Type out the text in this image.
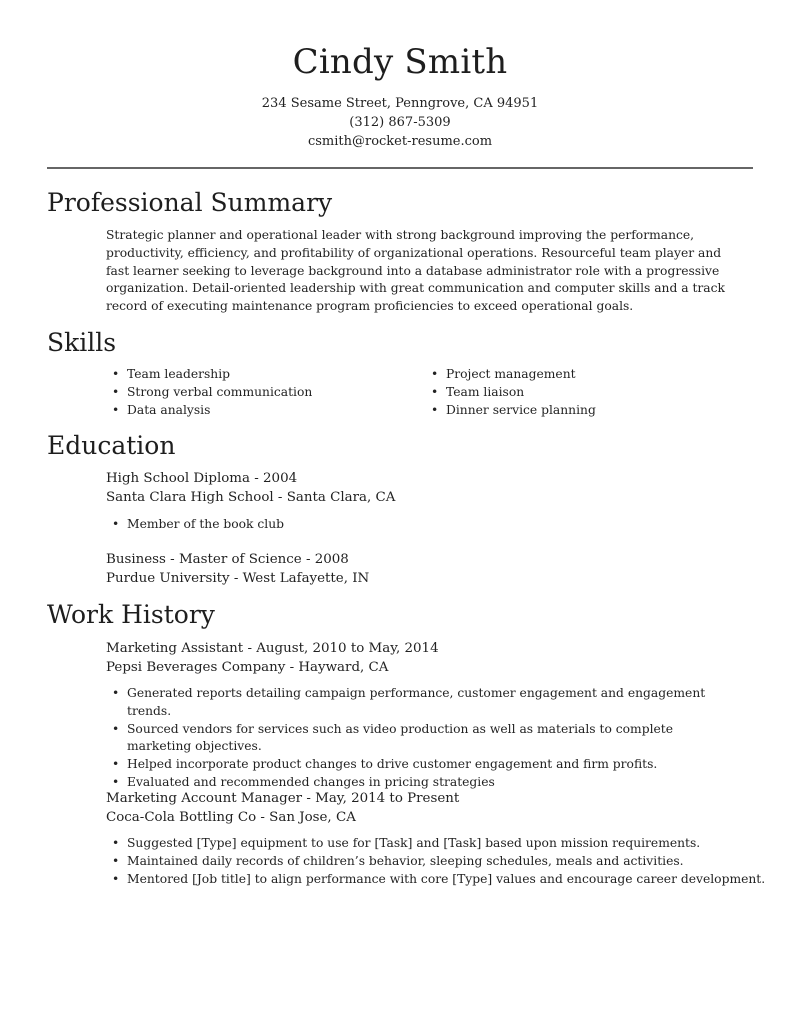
Cindy Smith
234 Sesame Street, Penngrove, CA 94951
(312) 867-5309
csmith@rocket-resume.com
Professional Summary
Strategic planner and operational leader with strong background improving the performance, productivity, efficiency, and profitability of organizational operations. Resourceful team player and fast learner seeking to leverage background into a database administrator role with a progressive organization. Detail-oriented leadership with great communication and computer skills and a track record of executing maintenance program proficiencies to exceed operational goals.
Skills
• Team leadership
• Strong verbal communication
• Data analysis
• Project management
• Team liaison
• Dinner service planning
Education
High School Diploma - 2004
Santa Clara High School - Santa Clara, CA
• Member of the book club
Business - Master of Science - 2008
Purdue University - West Lafayette, IN
Work History
Marketing Assistant - August, 2010 to May, 2014
Pepsi Beverages Company - Hayward, CA
• Generated reports detailing campaign performance, customer engagement and engagement trends.
• Sourced vendors for services such as video production as well as materials to complete marketing objectives.
• Helped incorporate product changes to drive customer engagement and firm profits.
• Evaluated and recommended changes in pricing strategies
Marketing Account Manager - May, 2014 to Present
Coca-Cola Bottling Co - San Jose, CA
• Suggested [Type] equipment to use for [Task] and [Task] based upon mission requirements.
• Maintained daily records of children’s behavior, sleeping schedules, meals and activities.
• Mentored [Job title] to align performance with core [Type] values and encourage career development.
